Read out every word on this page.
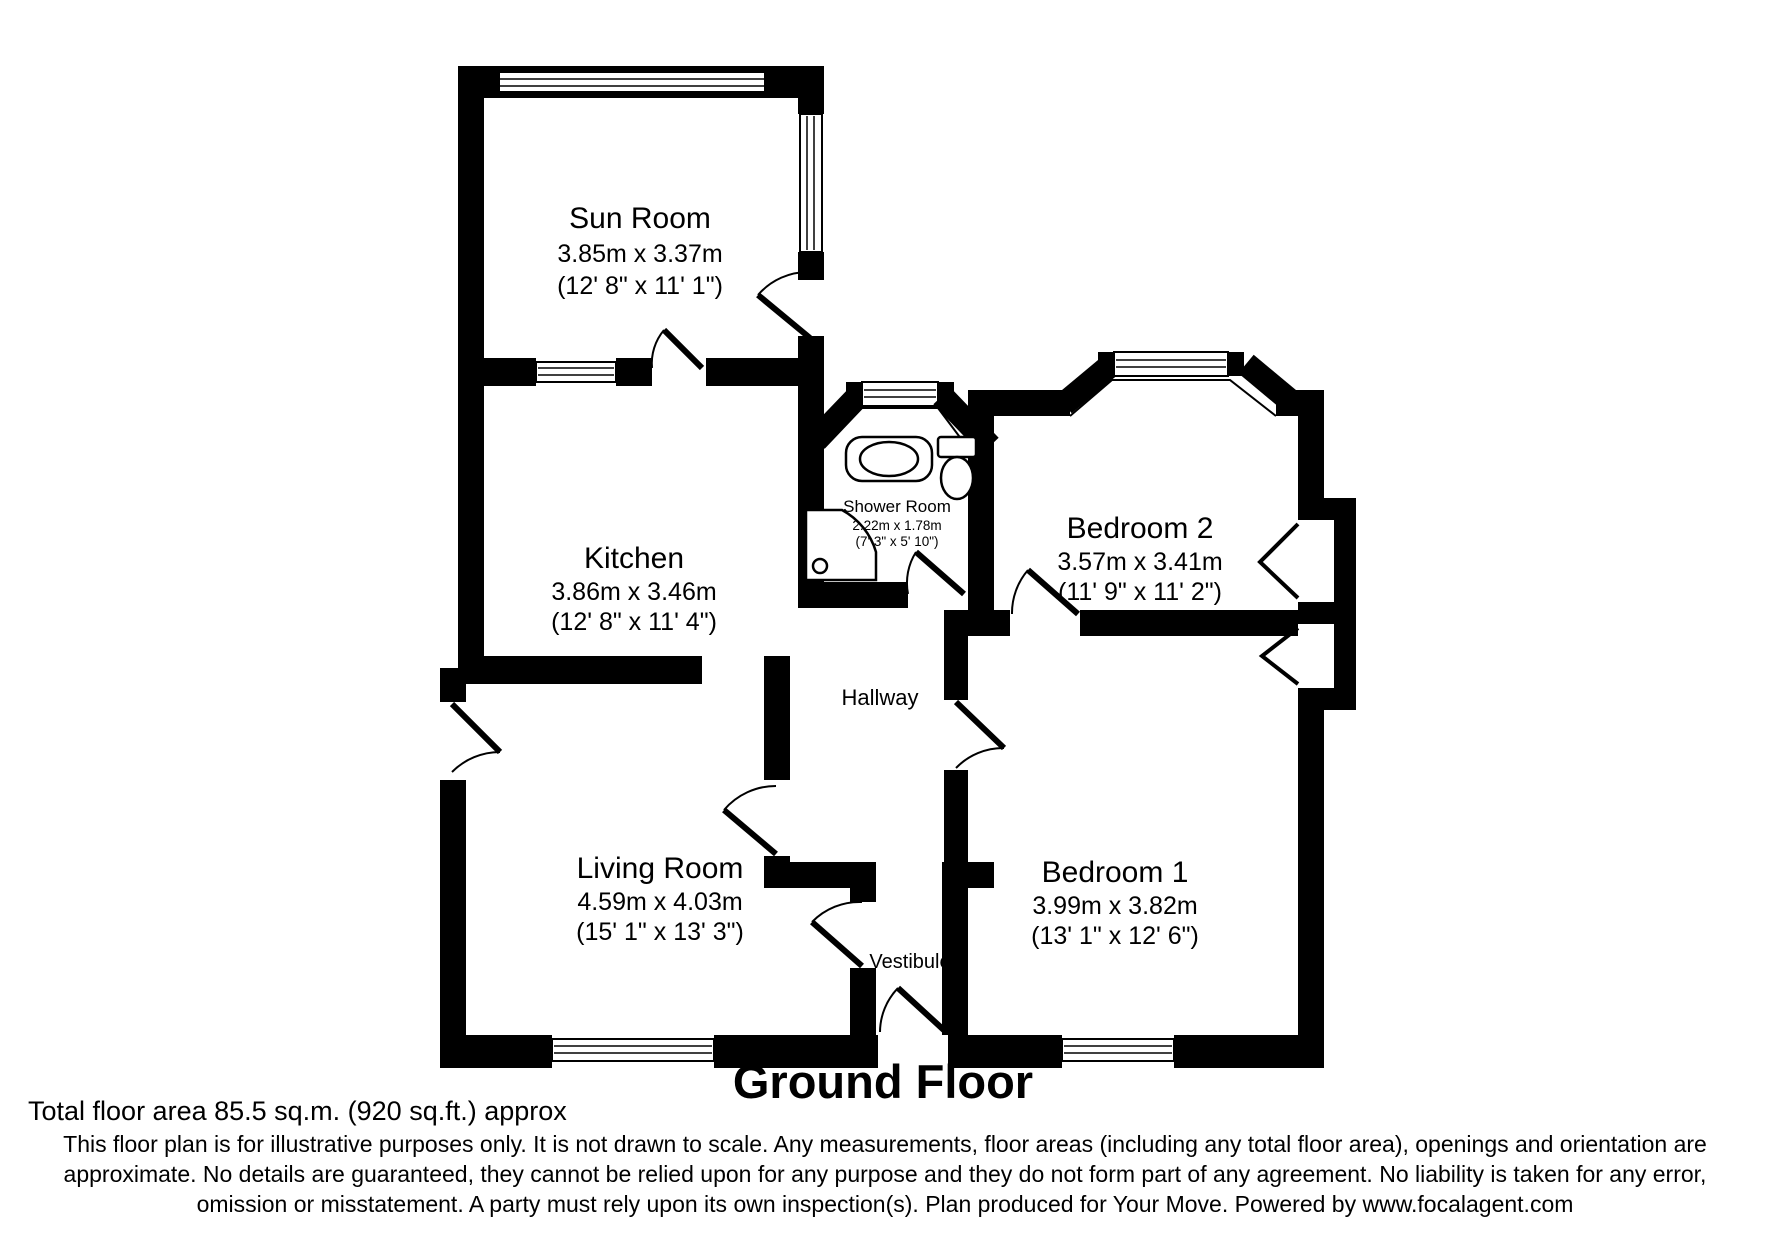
Sun Room
3.85m x 3.37m
(12' 8" x 11' 1")
Kitchen
3.86m x 3.46m
(12' 8" x 11' 4")
Shower Room
2.22m x 1.78m
(7' 3" x 5' 10")	Bedroom 2
3.57m x 3.41m
(11' 9" x 11' 2")
Hallway
Living Room
4.59m x 4.03m
(15' 1" x 13' 3")
Bedroom 1
3.99m x 3.82m
(13' 1" x 12' 6")
Vestibule
Ground Floor
Total floor area 85.5 sq.m. (920 sq.ft.) approx
This floor plan is for illustrative purposes only. It is not drawn to scale. Any measurements, floor areas (including any total floor area), openings and orientation are
approximate. No details are guaranteed, they cannot be relied upon for any purpose and they do not form part of any agreement. No liability is taken for any error,
omission or misstatement. A party must rely upon its own inspection(s). Plan produced for Your Move. Powered by www.focalagent.com
